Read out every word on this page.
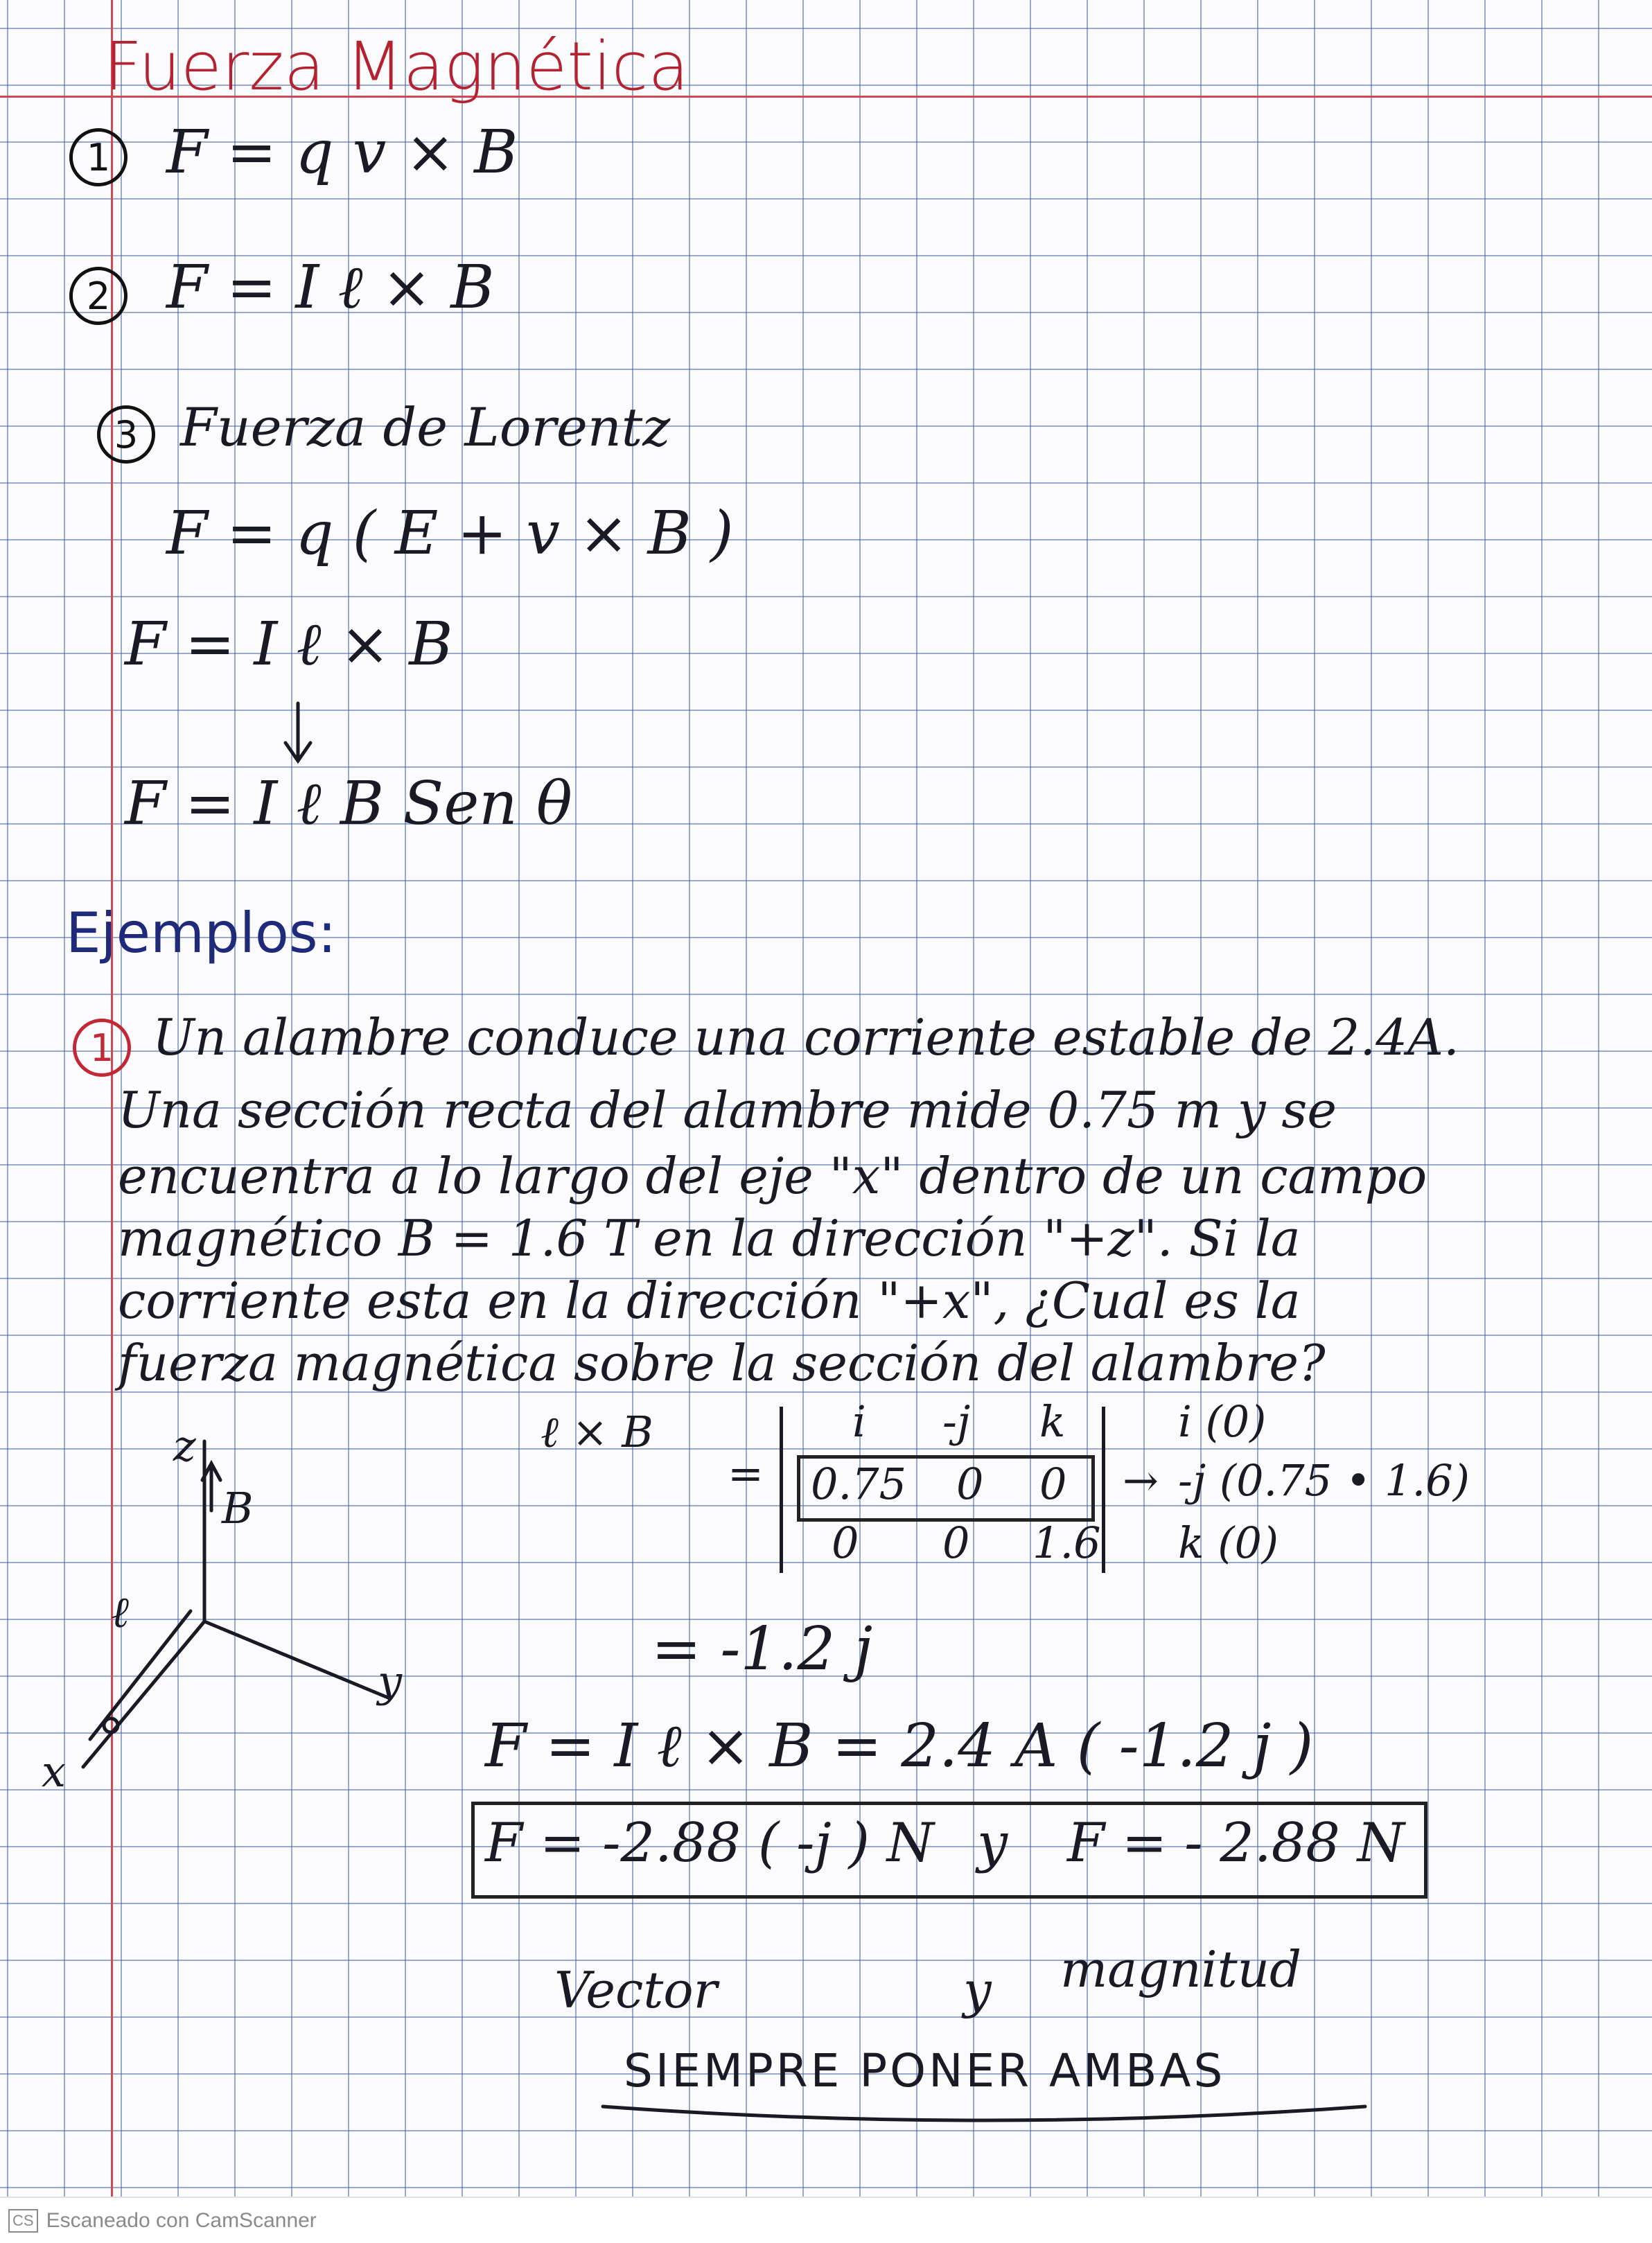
Fuerza Magnética
1 F = q v × B
2 F = I ℓ × B
3 Fuerza de Lorentz
F = q ( E + v × B )
F = I ℓ × B
F = I ℓ B Sen θ
Ejemplos:
1 Un alambre conduce una corriente estable de 2.4A.
Una sección recta del alambre mide 0.75 m y se
encuentra a lo largo del eje "x" dentro de un campo
magnético B = 1.6 T en la dirección "+z". Si la
corriente esta en la dirección "+x", ¿Cual es la
fuerza magnética sobre la sección del alambre?
z
B
ℓ
y
x
ℓ × B
=
i -j k
0.75 0 0
0 0 1.6
→
i (0)
-j (0.75 • 1.6)
k (0)
= -1.2 j
F = I ℓ × B = 2.4 A ( -1.2 j )
F = -2.88 ( -j ) N y F = - 2.88 N
Vector	y magnitud
SIEMPRE PONER AMBAS
CS Escaneado con CamScanner
